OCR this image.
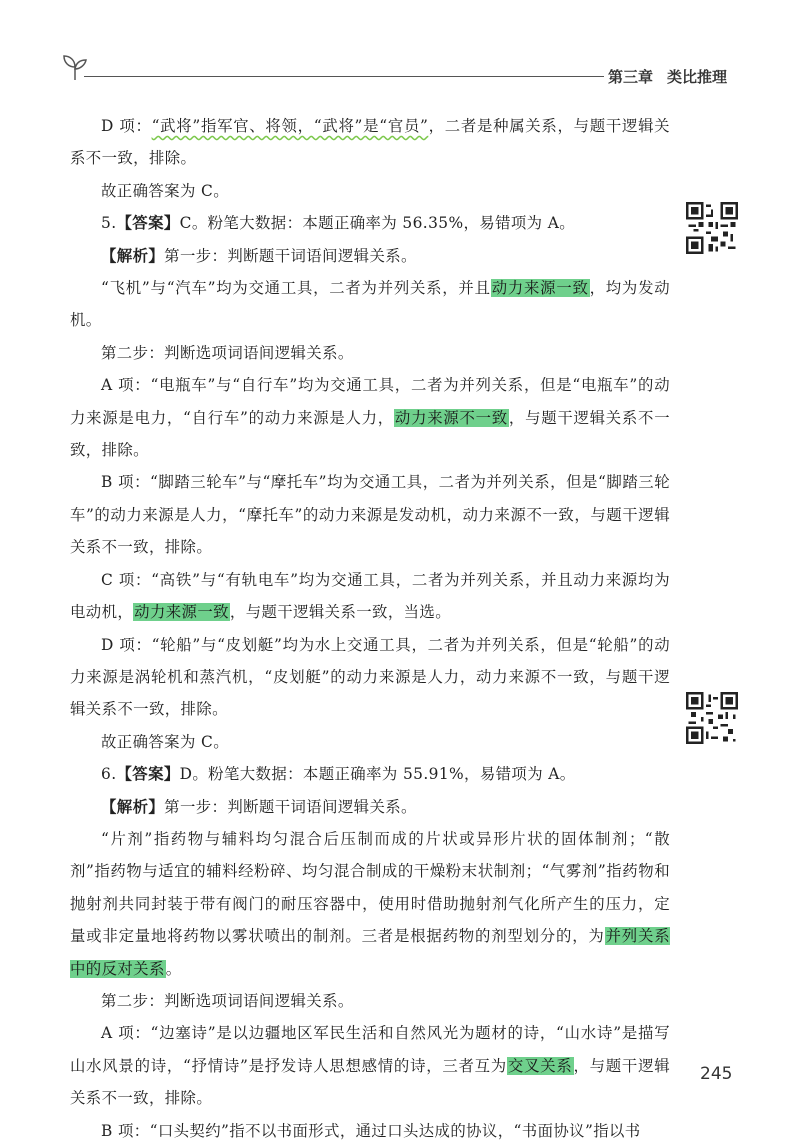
第三章 类比推理

D 项：“武将”指军官、将领，“武将”是“官员”，二者是种属关系，与题干逻辑关系不一致，排除。

故正确答案为 C。

5.【答案】C。粉笔大数据：本题正确率为 56.35%，易错项为 A。

【解析】第一步：判断题干词语间逻辑关系。

“飞机”与“汽车”均为交通工具，二者为并列关系，并且动力来源一致，均为发动机。

第二步：判断选项词语间逻辑关系。

A 项：“电瓶车”与“自行车”均为交通工具，二者为并列关系，但是“电瓶车”的动力来源是电力，“自行车”的动力来源是人力，动力来源不一致，与题干逻辑关系不一致，排除。

B 项：“脚踏三轮车”与“摩托车”均为交通工具，二者为并列关系，但是“脚踏三轮车”的动力来源是人力，“摩托车”的动力来源是发动机，动力来源不一致，与题干逻辑关系不一致，排除。

C 项：“高铁”与“有轨电车”均为交通工具，二者为并列关系，并且动力来源均为电动机，动力来源一致，与题干逻辑关系一致，当选。

D 项：“轮船”与“皮划艇”均为水上交通工具，二者为并列关系，但是“轮船”的动力来源是涡轮机和蒸汽机，“皮划艇”的动力来源是人力，动力来源不一致，与题干逻辑关系不一致，排除。

故正确答案为 C。

6.【答案】D。粉笔大数据：本题正确率为 55.91%，易错项为 A。

【解析】第一步：判断题干词语间逻辑关系。

“片剂”指药物与辅料均匀混合后压制而成的片状或异形片状的固体制剂；“散剂”指药物与适宜的辅料经粉碎、均匀混合制成的干燥粉末状制剂；“气雾剂”指药物和抛射剂共同封装于带有阀门的耐压容器中，使用时借助抛射剂气化所产生的压力，定量或非定量地将药物以雾状喷出的制剂。三者是根据药物的剂型划分的，为并列关系中的反对关系。

第二步：判断选项词语间逻辑关系。

A 项：“边塞诗”是以边疆地区军民生活和自然风光为题材的诗，“山水诗”是描写山水风景的诗，“抒情诗”是抒发诗人思想感情的诗，三者互为交叉关系，与题干逻辑关系不一致，排除。

B 项：“口头契约”指不以书面形式，通过口头达成的协议，“书面协议”指以书

245
